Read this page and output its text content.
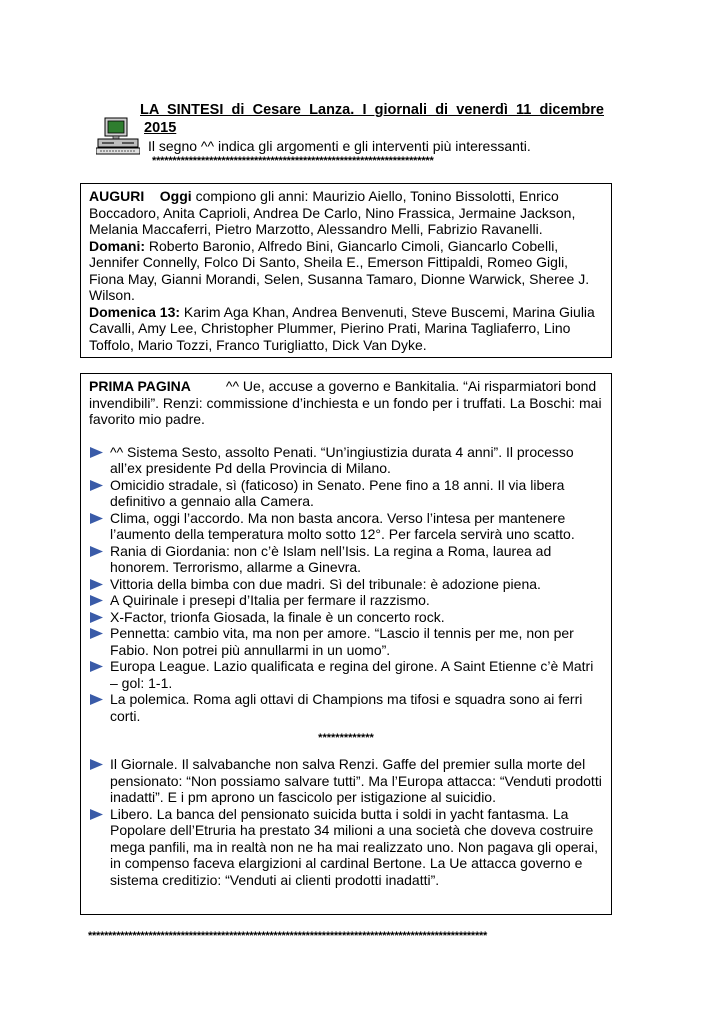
LA SINTESI di Cesare Lanza. I giornali di venerdì 11 dicembre
2015
Il segno ^^ indica gli argomenti e gli interventi più interessanti.
*********************************************************************

AUGURI Oggi compiono gli anni: Maurizio Aiello, Tonino Bissolotti, Enrico Boccadoro, Anita Caprioli, Andrea De Carlo, Nino Frassica, Jermaine Jackson, Melania Maccaferri, Pietro Marzotto, Alessandro Melli, Fabrizio Ravanelli.

Domani: Roberto Baronio, Alfredo Bini, Giancarlo Cimoli, Giancarlo Cobelli, Jennifer Connelly, Folco Di Santo, Sheila E., Emerson Fittipaldi, Romeo Gigli, Fiona May, Gianni Morandi, Selen, Susanna Tamaro, Dionne Warwick, Sheree J. Wilson.

Domenica 13: Karim Aga Khan, Andrea Benvenuti, Steve Buscemi, Marina Giulia Cavalli, Amy Lee, Christopher Plummer, Pierino Prati, Marina Tagliaferro, Lino Toffolo, Mario Tozzi, Franco Turigliatto, Dick Van Dyke.

PRIMA PAGINA	^^ Ue, accuse a governo e Bankitalia. “Ai risparmiatori bond invendibili”. Renzi: commissione d’inchiesta e un fondo per i truffati. La Boschi: mai favorito mio padre.

^^ Sistema Sesto, assolto Penati. “Un’ingiustizia durata 4 anni”. Il processo all’ex presidente Pd della Provincia di Milano.
Omicidio stradale, sì (faticoso) in Senato. Pene fino a 18 anni. Il via libera definitivo a gennaio alla Camera.
Clima, oggi l’accordo. Ma non basta ancora. Verso l’intesa per mantenere l’aumento della temperatura molto sotto 12°. Per farcela servirà uno scatto.
Rania di Giordania: non c’è Islam nell’Isis. La regina a Roma, laurea ad honorem. Terrorismo, allarme a Ginevra.
Vittoria della bimba con due madri. Sì del tribunale: è adozione piena.
A Quirinale i presepi d’Italia per fermare il razzismo.
X-Factor, trionfa Giosada, la finale è un concerto rock.
Pennetta: cambio vita, ma non per amore. “Lascio il tennis per me, non per Fabio. Non potrei più annullarmi in un uomo”.
Europa League. Lazio qualificata e regina del girone. A Saint Etienne c’è Matri – gol: 1-1.
La polemica. Roma agli ottavi di Champions ma tifosi e squadra sono ai ferri corti.
*************
Il Giornale. Il salvabanche non salva Renzi. Gaffe del premier sulla morte del pensionato: “Non possiamo salvare tutti”. Ma l’Europa attacca: “Venduti prodotti inadatti”. E i pm aprono un fascicolo per istigazione al suicidio.
Libero. La banca del pensionato suicida butta i soldi in yacht fantasma. La Popolare dell’Etruria ha prestato 34 milioni a una società che doveva costruire mega panfili, ma in realtà non ne ha mai realizzato uno. Non pagava gli operai, in compenso faceva elargizioni al cardinal Bertone. La Ue attacca governo e sistema creditizio: “Venduti ai clienti prodotti inadatti”.
***************************************************************************************************
